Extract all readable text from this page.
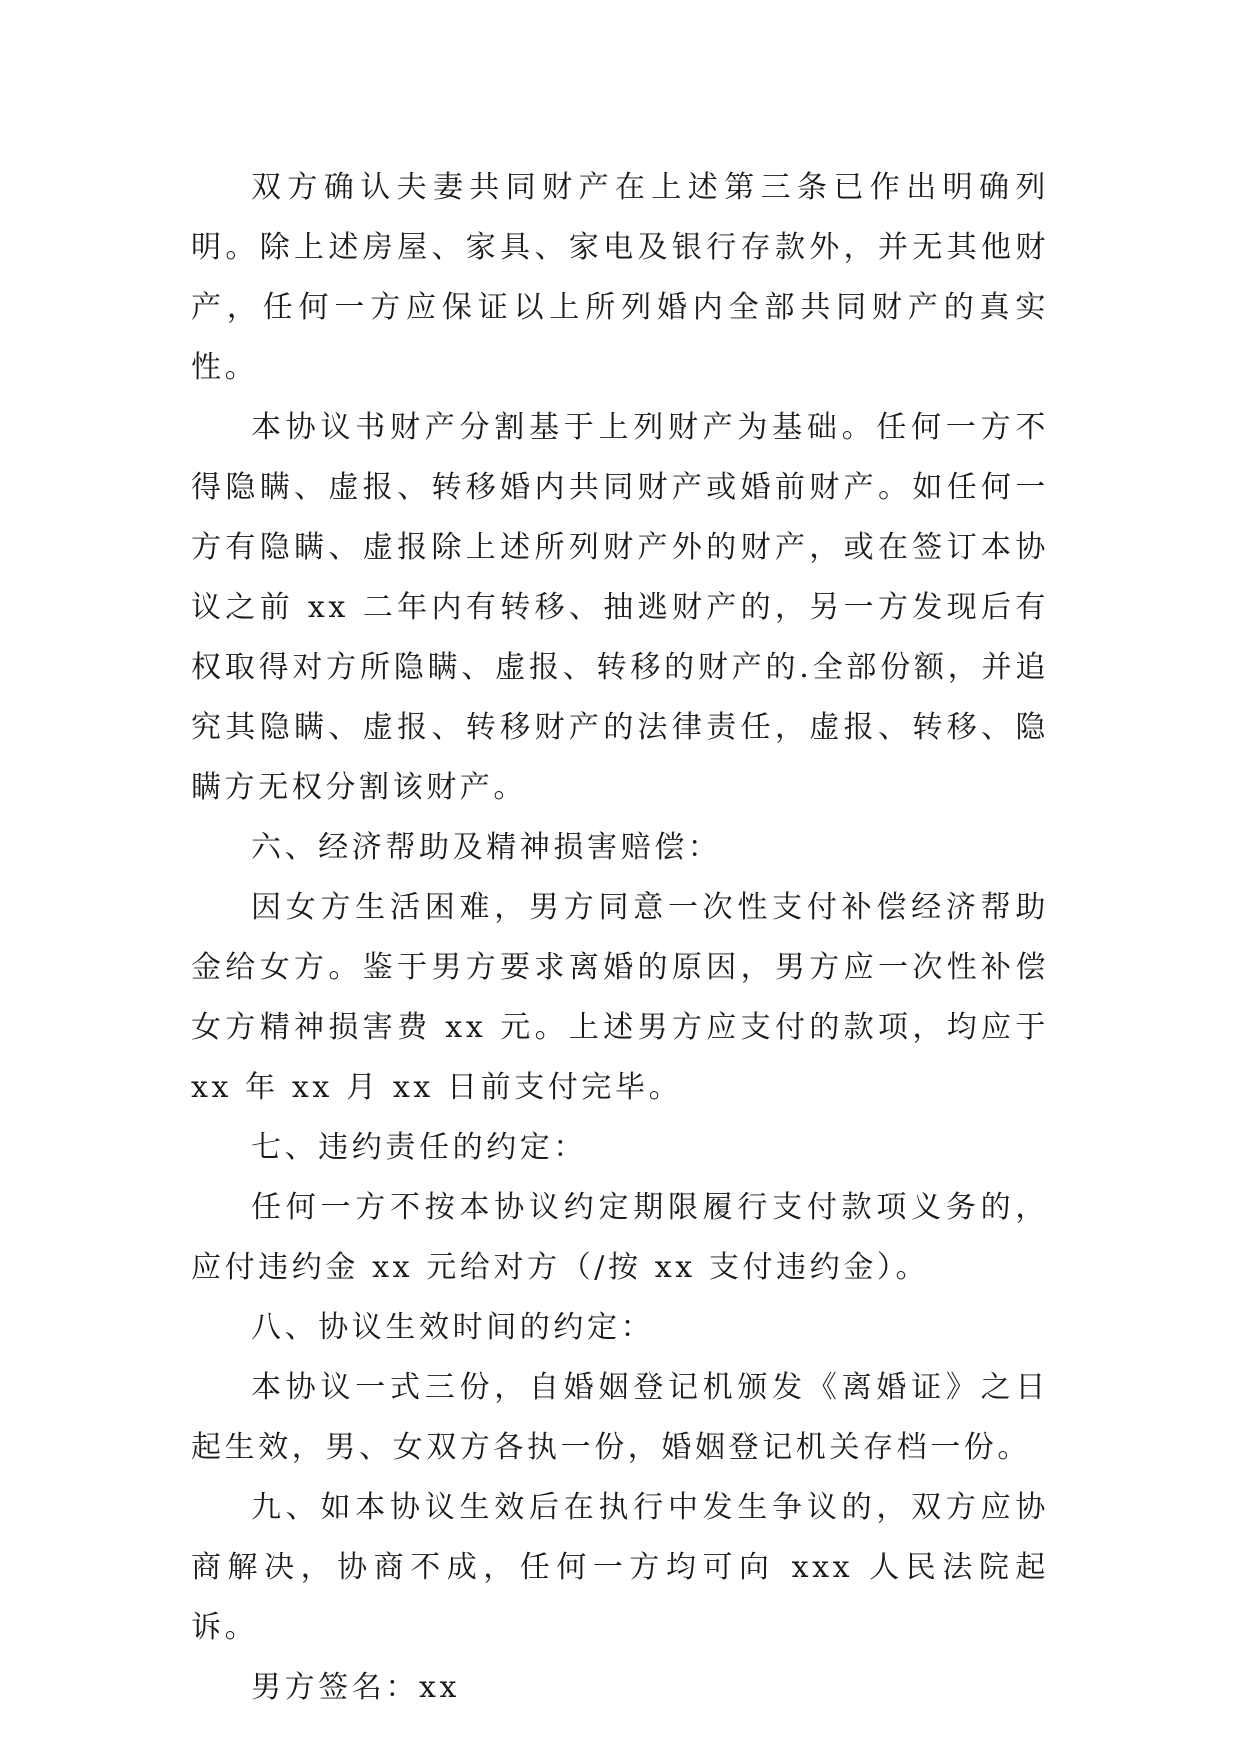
双方确认夫妻共同财产在上述第三条已作出明确列明。除上述房屋、家具、家电及银行存款外，并无其他财产，任何一方应保证以上所列婚内全部共同财产的真实性。

本协议书财产分割基于上列财产为基础。任何一方不得隐瞒、虚报、转移婚内共同财产或婚前财产。如任何一方有隐瞒、虚报除上述所列财产外的财产，或在签订本协议之前 xx 二年内有转移、抽逃财产的，另一方发现后有权取得对方所隐瞒、虚报、转移的财产的.全部份额，并追究其隐瞒、虚报、转移财产的法律责任，虚报、转移、隐瞒方无权分割该财产。

六、经济帮助及精神损害赔偿：

因女方生活困难，男方同意一次性支付补偿经济帮助金给女方。鉴于男方要求离婚的原因，男方应一次性补偿女方精神损害费 xx 元。上述男方应支付的款项，均应于 xx 年 xx 月 xx 日前支付完毕。

七、违约责任的约定：

任何一方不按本协议约定期限履行支付款项义务的，应付违约金 xx 元给对方（/按 xx 支付违约金）。

八、协议生效时间的约定：

本协议一式三份，自婚姻登记机颁发《离婚证》之日起生效，男、女双方各执一份，婚姻登记机关存档一份。

九、如本协议生效后在执行中发生争议的，双方应协商解决，协商不成，任何一方均可向 xxx 人民法院起诉。

男方签名：xx
